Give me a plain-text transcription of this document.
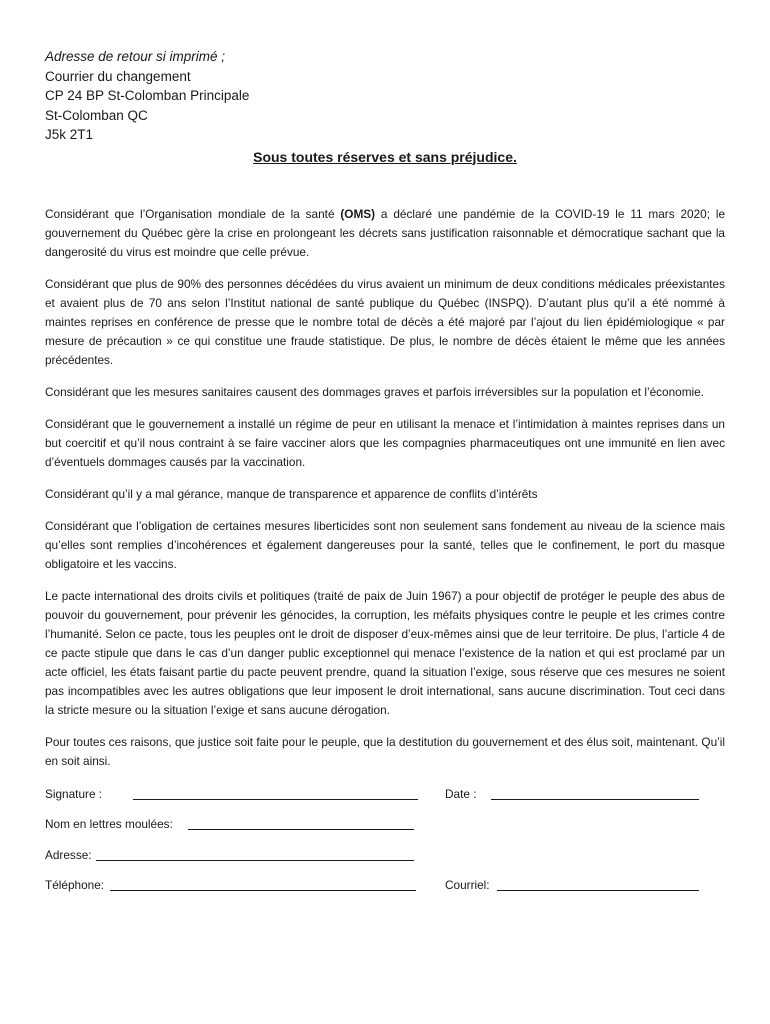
Adresse de retour si imprimé ;
Courrier du changement
CP 24 BP St-Colomban Principale
St-Colomban QC
J5k 2T1
Sous toutes réserves et sans préjudice.

Considérant que l’Organisation mondiale de la santé (OMS) a déclaré une pandémie de la COVID-19 le 11 mars 2020; le gouvernement du Québec gère la crise en prolongeant les décrets sans justification raisonnable et démocratique sachant que la dangerosité du virus est moindre que celle prévue.

Considérant que plus de 90% des personnes décédées du virus avaient un minimum de deux conditions médicales préexistantes et avaient plus de 70 ans selon l’Institut national de santé publique du Québec (INSPQ). D’autant plus qu’il a été nommé à maintes reprises en conférence de presse que le nombre total de décès a été majoré par l’ajout du lien épidémiologique « par mesure de précaution » ce qui constitue une fraude statistique. De plus, le nombre de décès étaient le même que les années précédentes.

Considérant que les mesures sanitaires causent des dommages graves et parfois irréversibles sur la population et l’économie.

Considérant que le gouvernement a installé un régime de peur en utilisant la menace et l’intimidation à maintes reprises dans un but coercitif et qu’il nous contraint à se faire vacciner alors que les compagnies pharmaceutiques ont une immunité en lien avec d’éventuels dommages causés par la vaccination.

Considérant qu’il y a mal gérance, manque de transparence et apparence de conflits d’intérêts

Considérant que l’obligation de certaines mesures liberticides sont non seulement sans fondement au niveau de la science mais qu’elles sont remplies d’incohérences et également dangereuses pour la santé, telles que le confinement, le port du masque obligatoire et les vaccins.

Le pacte international des droits civils et politiques (traité de paix de Juin 1967) a pour objectif de protéger le peuple des abus de pouvoir du gouvernement, pour prévenir les génocides, la corruption, les méfaits physiques contre le peuple et les crimes contre l’humanité. Selon ce pacte, tous les peuples ont le droit de disposer d’eux-mêmes ainsi que de leur territoire. De plus, l’article 4 de ce pacte stipule que dans le cas d’un danger public exceptionnel qui menace l’existence de la nation et qui est proclamé par un acte officiel, les états faisant partie du pacte peuvent prendre, quand la situation l’exige, sous réserve que ces mesures ne soient pas incompatibles avec les autres obligations que leur imposent le droit international, sans aucune discrimination. Tout ceci dans la stricte mesure ou la situation l’exige et sans aucune dérogation.

Pour toutes ces raisons, que justice soit faite pour le peuple, que la destitution du gouvernement et des élus soit, maintenant. Qu’il en soit ainsi.

Signature :	Date :
Nom en lettres moulées:
Adresse:
Téléphone:	Courriel:
